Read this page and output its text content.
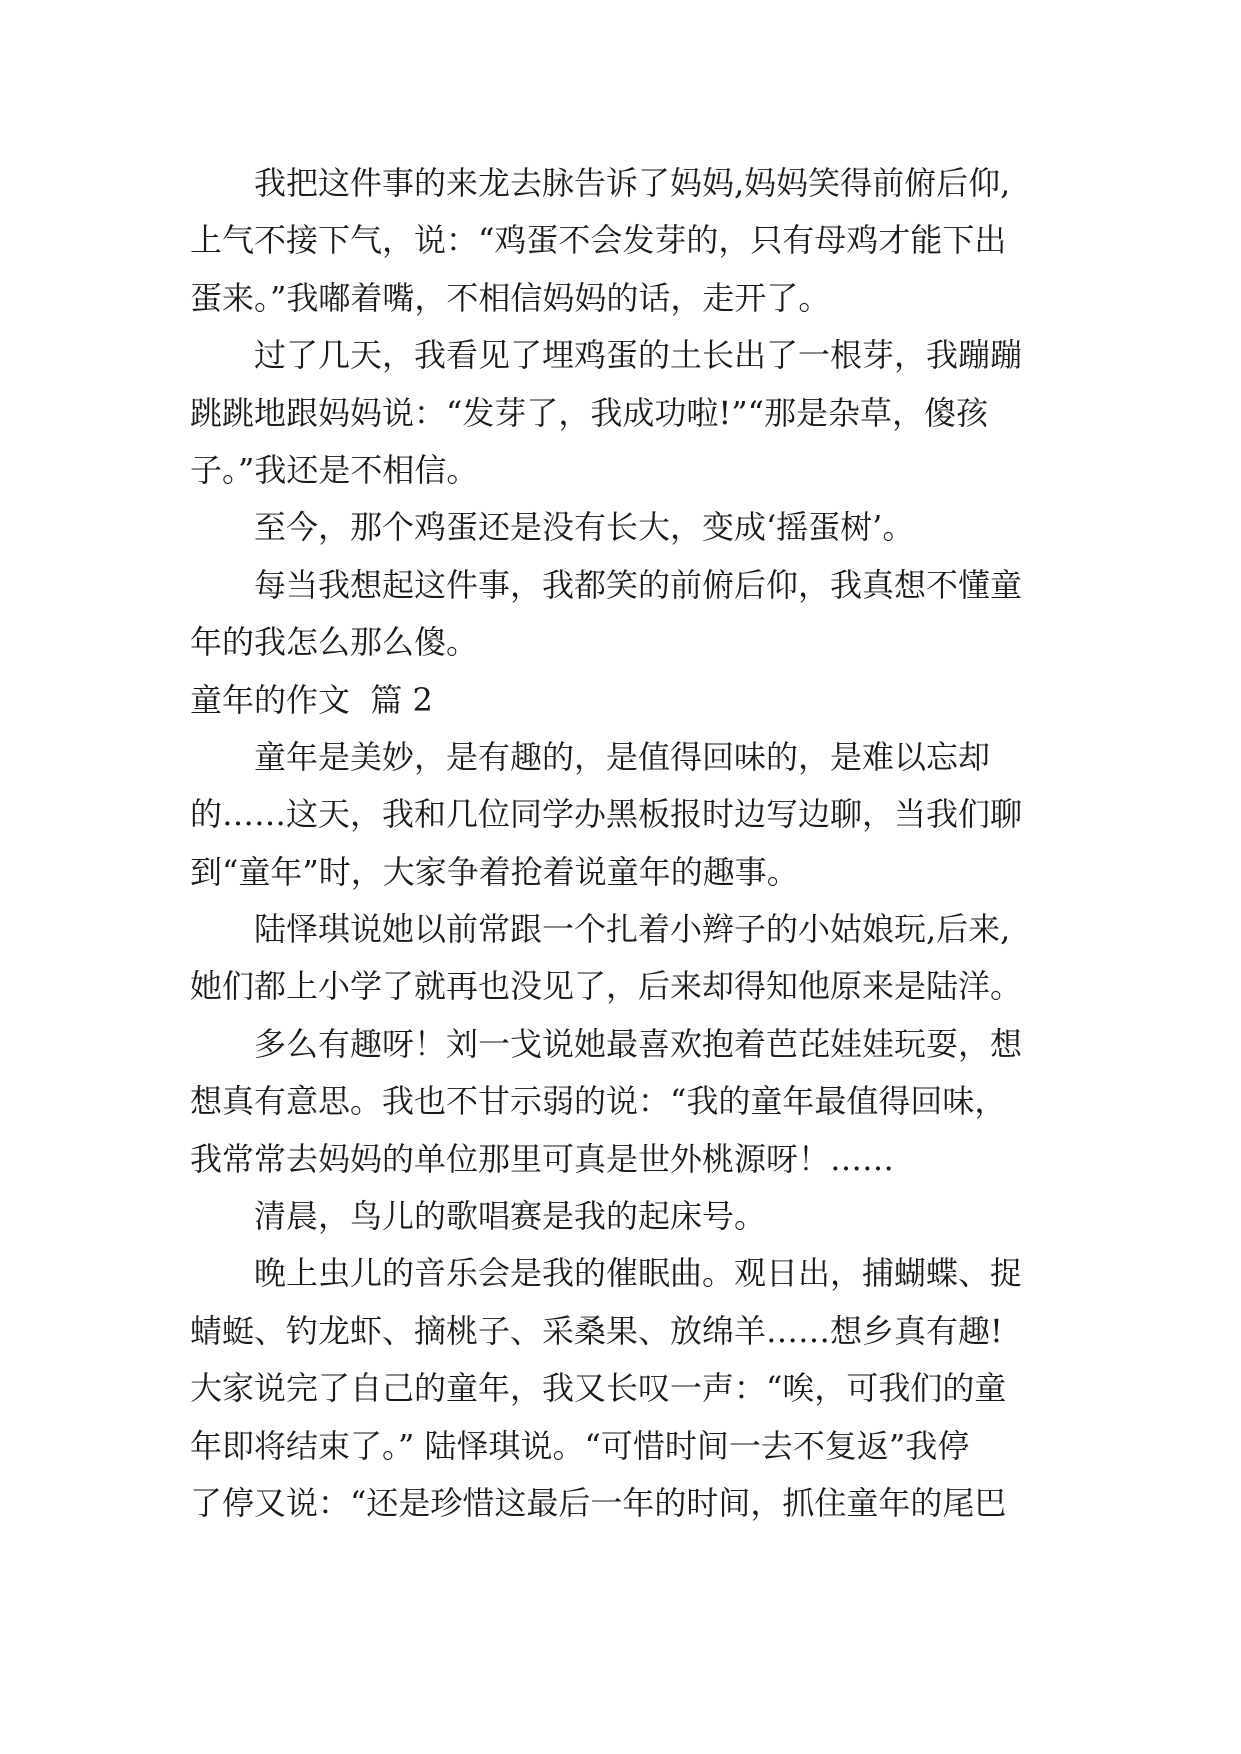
我把这件事的来龙去脉告诉了妈妈,妈妈笑得前俯后仰,
上气不接下气，说：“鸡蛋不会发芽的，只有母鸡才能下出
蛋来。”我嘟着嘴，不相信妈妈的话，走开了。
过了几天，我看见了埋鸡蛋的土长出了一根芽，我蹦蹦
跳跳地跟妈妈说：“发芽了，我成功啦!”“那是杂草，傻孩
子。”我还是不相信。
至今，那个鸡蛋还是没有长大，变成‘摇蛋树’。
每当我想起这件事，我都笑的前俯后仰，我真想不懂童
年的我怎么那么傻。
童年的作文  篇 2
童年是美妙，是有趣的，是值得回味的，是难以忘却
的……这天，我和几位同学办黑板报时边写边聊，当我们聊
到“童年”时，大家争着抢着说童年的趣事。
陆怿琪说她以前常跟一个扎着小辫子的小姑娘玩,后来,
她们都上小学了就再也没见了，后来却得知他原来是陆洋。
多么有趣呀！刘一戈说她最喜欢抱着芭芘娃娃玩耍，想
想真有意思。我也不甘示弱的说：“我的童年最值得回味，
我常常去妈妈的单位那里可真是世外桃源呀！……
清晨，鸟儿的歌唱赛是我的起床号。
晚上虫儿的音乐会是我的催眠曲。观日出，捕蝴蝶、捉
蜻蜓、钓龙虾、摘桃子、采桑果、放绵羊……想乡真有趣!
大家说完了自己的童年，我又长叹一声：“唉，可我们的童
年即将结束了。” 陆怿琪说。“可惜时间一去不复返”我停
了停又说：“还是珍惜这最后一年的时间，抓住童年的尾巴
